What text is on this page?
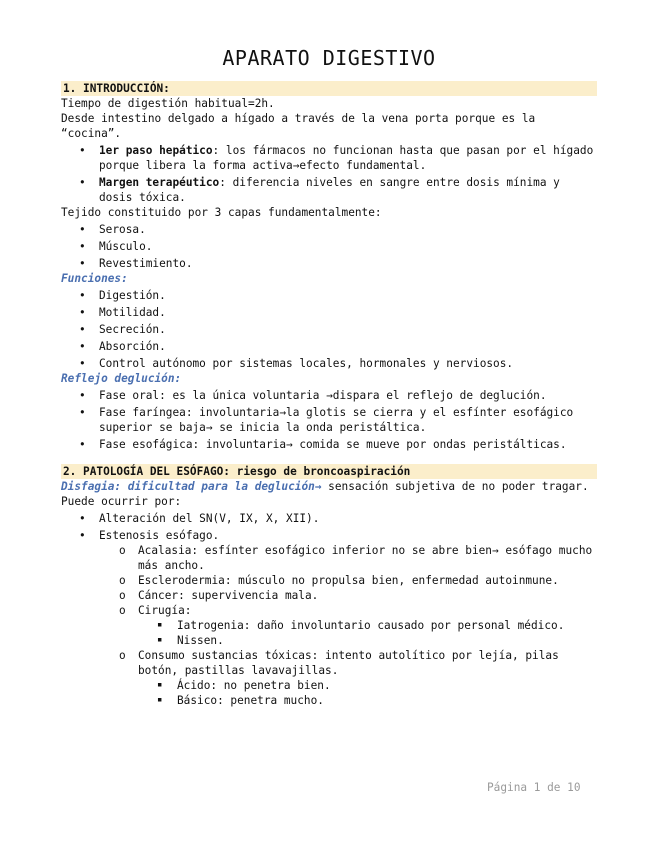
APARATO DIGESTIVO
1. INTRODUCCIÓN:

Tiempo de digestión habitual=2h.

Desde intestino delgado a hígado a través de la vena porta porque es la “cocina”.

• 1er paso hepático: los fármacos no funcionan hasta que pasan por el hígado porque libera la forma activa→efecto fundamental.
• Margen terapéutico: diferencia niveles en sangre entre dosis mínima y dosis tóxica.

Tejido constituido por 3 capas fundamentalmente:

• Serosa.
• Músculo.
• Revestimiento.

Funciones:

• Digestión.
• Motilidad.
• Secreción.
• Absorción.
• Control autónomo por sistemas locales, hormonales y nerviosos.

Reflejo deglución:

• Fase oral: es la única voluntaria →dispara el reflejo de deglución.
• Fase faríngea: involuntaria→la glotis se cierra y el esfínter esofágico superior se baja→ se inicia la onda peristáltica.
• Fase esofágica: involuntaria→ comida se mueve por ondas peristálticas.
2. PATOLOGÍA DEL ESÓFAGO: riesgo de broncoaspiración

Disfagia: dificultad para la deglución→ sensación subjetiva de no poder tragar.

Puede ocurrir por:

• Alteración del SN(V, IX, X, XII).
• Estenosis esófago.
o Acalasia: esfínter esofágico inferior no se abre bien→ esófago mucho más ancho.
o Esclerodermia: músculo no propulsa bien, enfermedad autoinmune.
o Cáncer: supervivencia mala.
o Cirugía:
▪ Iatrogenia: daño involuntario causado por personal médico.
▪ Nissen.
o Consumo sustancias tóxicas: intento autolítico por lejía, pilas botón, pastillas lavavajillas.
▪ Ácido: no penetra bien.
▪ Básico: penetra mucho.
Página 1 de 10
